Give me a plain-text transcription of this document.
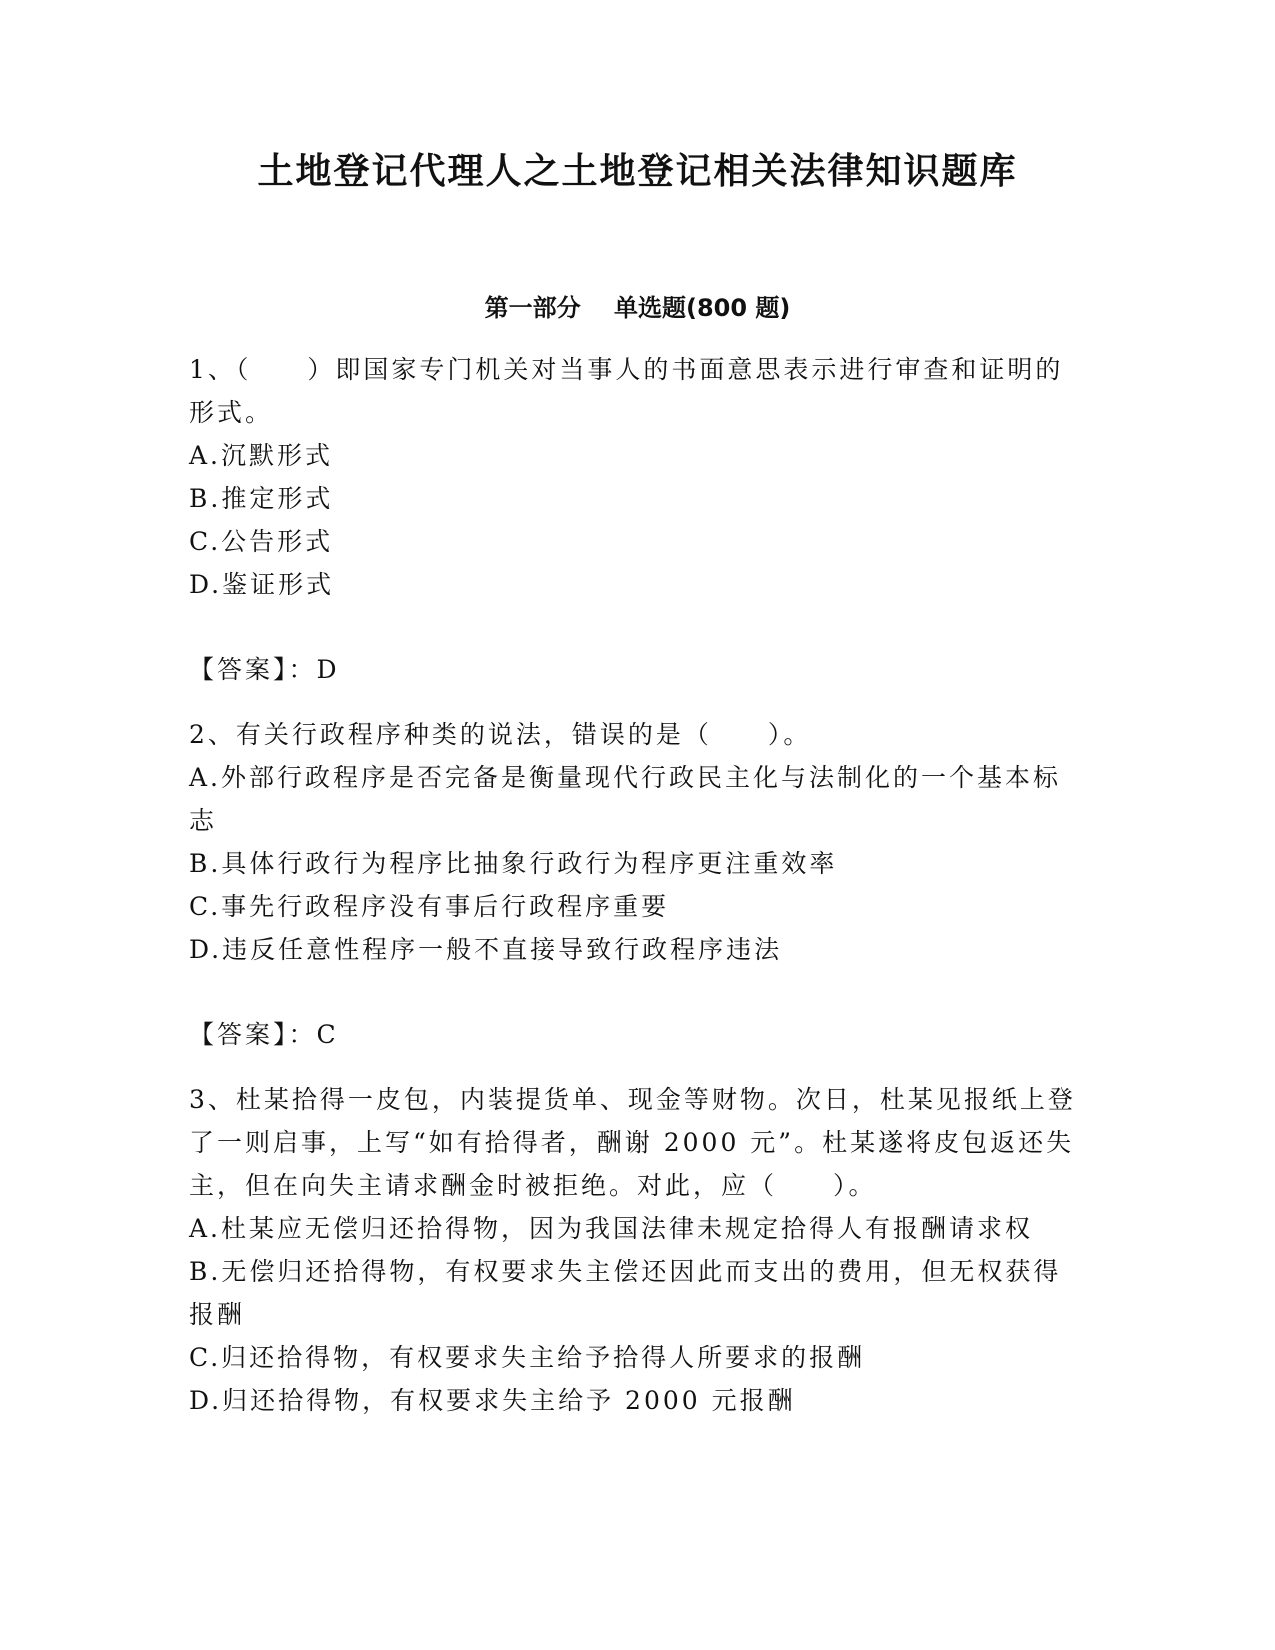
土地登记代理人之土地登记相关法律知识题库
第一部分    单选题(800 题)

1、（　　）即国家专门机关对当事人的书面意思表示进行审查和证明的形式。

A.沉默形式

B.推定形式

C.公告形式

D.鉴证形式

【答案】：D

2、有关行政程序种类的说法，错误的是（　　）。

A.外部行政程序是否完备是衡量现代行政民主化与法制化的一个基本标志

B.具体行政行为程序比抽象行政行为程序更注重效率

C.事先行政程序没有事后行政程序重要

D.违反任意性程序一般不直接导致行政程序违法

【答案】：C

3、杜某拾得一皮包，内装提货单、现金等财物。次日，杜某见报纸上登了一则启事，上写“如有拾得者，酬谢 2000 元”。杜某遂将皮包返还失主，但在向失主请求酬金时被拒绝。对此，应（　　）。

A.杜某应无偿归还拾得物，因为我国法律未规定拾得人有报酬请求权

B.无偿归还拾得物，有权要求失主偿还因此而支出的费用，但无权获得报酬

C.归还拾得物，有权要求失主给予拾得人所要求的报酬

D.归还拾得物，有权要求失主给予 2000 元报酬
